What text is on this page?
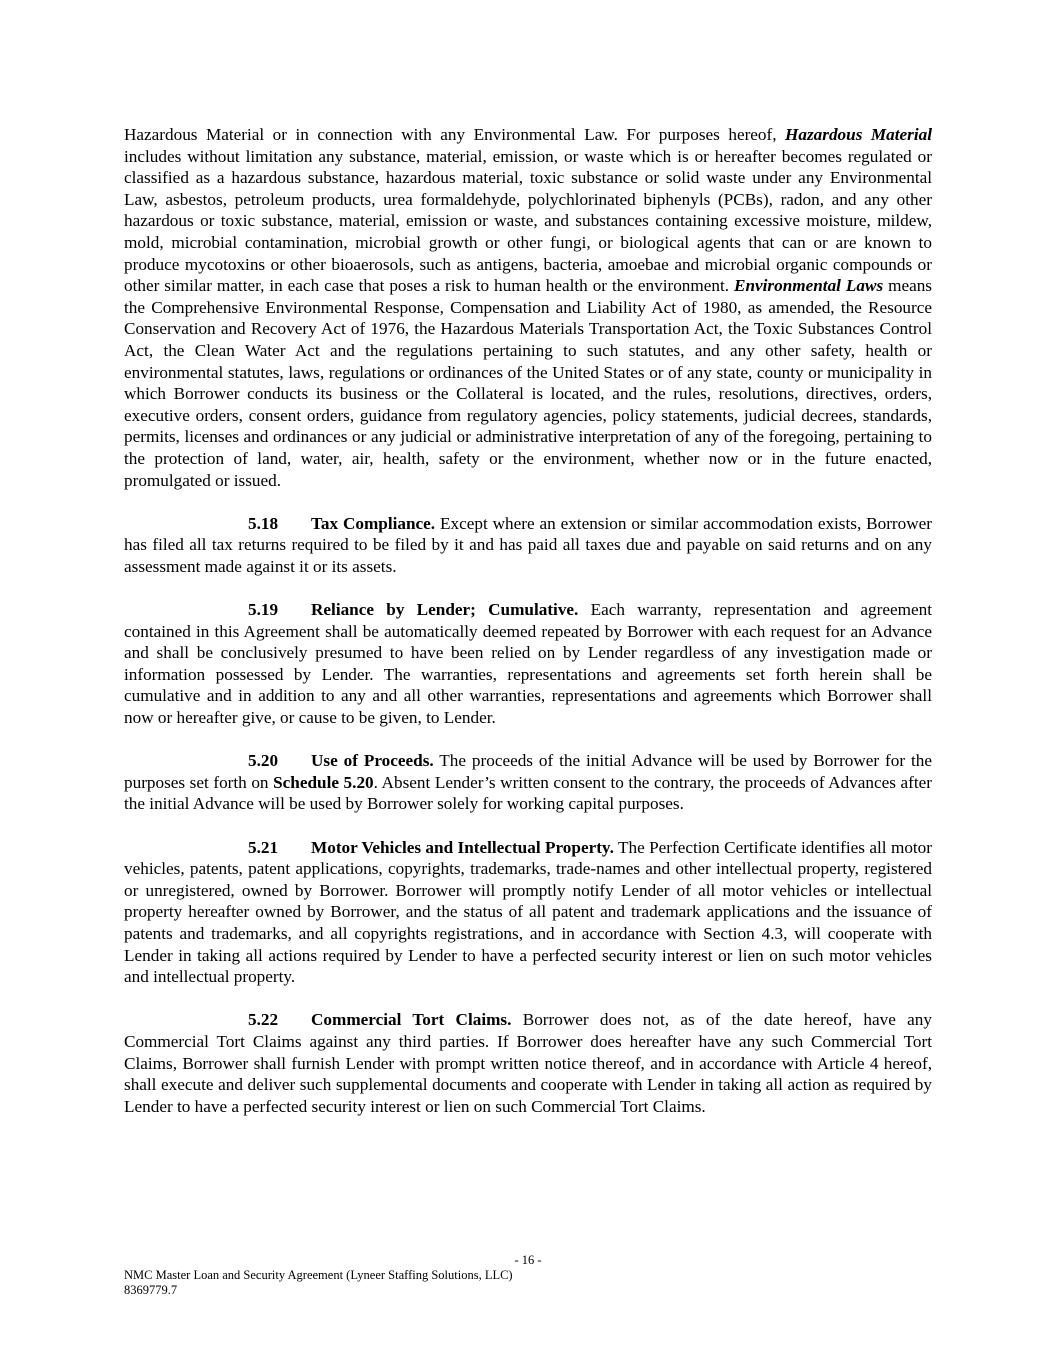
Hazardous Material or in connection with any Environmental Law. For purposes hereof, Hazardous Material includes without limitation any substance, material, emission, or waste which is or hereafter becomes regulated or classified as a hazardous substance, hazardous material, toxic substance or solid waste under any Environmental Law, asbestos, petroleum products, urea formaldehyde, polychlorinated biphenyls (PCBs), radon, and any other hazardous or toxic substance, material, emission or waste, and substances containing excessive moisture, mildew, mold, microbial contamination, microbial growth or other fungi, or biological agents that can or are known to produce mycotoxins or other bioaerosols, such as antigens, bacteria, amoebae and microbial organic compounds or other similar matter, in each case that poses a risk to human health or the environment. Environmental Laws means the Comprehensive Environmental Response, Compensation and Liability Act of 1980, as amended, the Resource Conservation and Recovery Act of 1976, the Hazardous Materials Transportation Act, the Toxic Substances Control Act, the Clean Water Act and the regulations pertaining to such statutes, and any other safety, health or environmental statutes, laws, regulations or ordinances of the United States or of any state, county or municipality in which Borrower conducts its business or the Collateral is located, and the rules, resolutions, directives, orders, executive orders, consent orders, guidance from regulatory agencies, policy statements, judicial decrees, standards, permits, licenses and ordinances or any judicial or administrative interpretation of any of the foregoing, pertaining to the protection of land, water, air, health, safety or the environment, whether now or in the future enacted, promulgated or issued.

5.18 Tax Compliance. Except where an extension or similar accommodation exists, Borrower has filed all tax returns required to be filed by it and has paid all taxes due and payable on said returns and on any assessment made against it or its assets.

5.19 Reliance by Lender; Cumulative. Each warranty, representation and agreement contained in this Agreement shall be automatically deemed repeated by Borrower with each request for an Advance and shall be conclusively presumed to have been relied on by Lender regardless of any investigation made or information possessed by Lender. The warranties, representations and agreements set forth herein shall be cumulative and in addition to any and all other warranties, representations and agreements which Borrower shall now or hereafter give, or cause to be given, to Lender.

5.20 Use of Proceeds. The proceeds of the initial Advance will be used by Borrower for the purposes set forth on Schedule 5.20. Absent Lender’s written consent to the contrary, the proceeds of Advances after the initial Advance will be used by Borrower solely for working capital purposes.

5.21 Motor Vehicles and Intellectual Property. The Perfection Certificate identifies all motor vehicles, patents, patent applications, copyrights, trademarks, trade-names and other intellectual property, registered or unregistered, owned by Borrower. Borrower will promptly notify Lender of all motor vehicles or intellectual property hereafter owned by Borrower, and the status of all patent and trademark applications and the issuance of patents and trademarks, and all copyrights registrations, and in accordance with Section 4.3, will cooperate with Lender in taking all actions required by Lender to have a perfected security interest or lien on such motor vehicles and intellectual property.

5.22 Commercial Tort Claims. Borrower does not, as of the date hereof, have any Commercial Tort Claims against any third parties. If Borrower does hereafter have any such Commercial Tort Claims, Borrower shall furnish Lender with prompt written notice thereof, and in accordance with Article 4 hereof, shall execute and deliver such supplemental documents and cooperate with Lender in taking all action as required by Lender to have a perfected security interest or lien on such Commercial Tort Claims.

- 16 -
NMC Master Loan and Security Agreement (Lyneer Staffing Solutions, LLC)
8369779.7
